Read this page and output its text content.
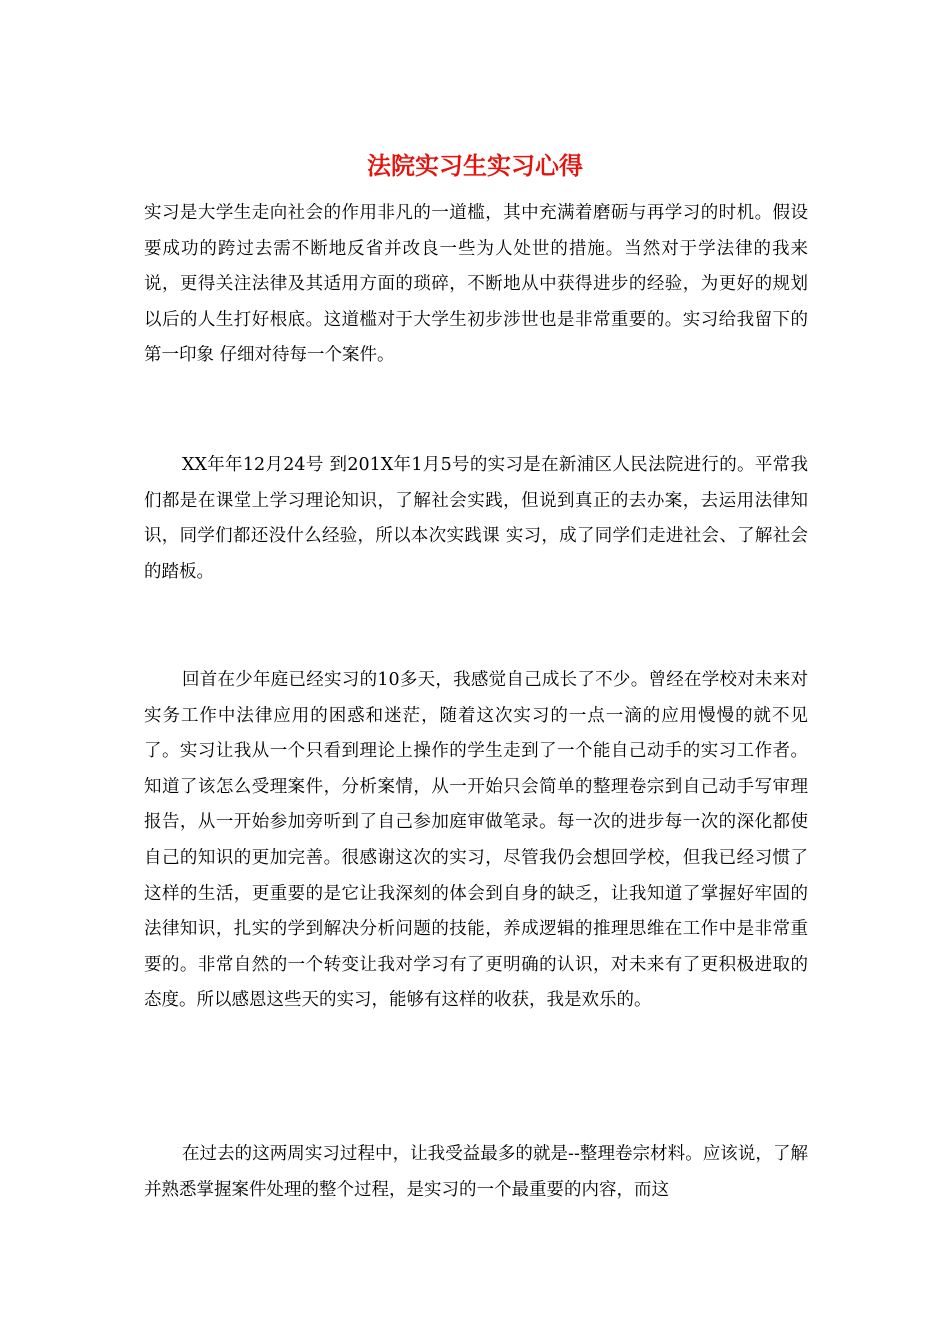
法院实习生实习心得

实习是大学生走向社会的作用非凡的一道槛，其中充满着磨砺与再学习的时机。假设要成功的跨过去需不断地反省并改良一些为人处世的措施。当然对于学法律的我来说，更得关注法律及其适用方面的琐碎，不断地从中获得进步的经验，为更好的规划以后的人生打好根底。这道槛对于大学生初步涉世也是非常重要的。实习给我留下的第一印象 仔细对待每一个案件。

XX年年12月24号 到201X年1月5号的实习是在新浦区人民法院进行的。平常我们都是在课堂上学习理论知识，了解社会实践，但说到真正的去办案，去运用法律知识，同学们都还没什么经验，所以本次实践课 实习，成了同学们走进社会、了解社会的踏板。

回首在少年庭已经实习的10多天，我感觉自己成长了不少。曾经在学校对未来对实务工作中法律应用的困惑和迷茫，随着这次实习的一点一滴的应用慢慢的就不见了。实习让我从一个只看到理论上操作的学生走到了一个能自己动手的实习工作者。知道了该怎么受理案件，分析案情，从一开始只会简单的整理卷宗到自己动手写审理报告，从一开始参加旁听到了自己参加庭审做笔录。每一次的进步每一次的深化都使自己的知识的更加完善。很感谢这次的实习，尽管我仍会想回学校，但我已经习惯了这样的生活，更重要的是它让我深刻的体会到自身的缺乏，让我知道了掌握好牢固的法律知识，扎实的学到解决分析问题的技能，养成逻辑的推理思维在工作中是非常重要的。非常自然的一个转变让我对学习有了更明确的认识，对未来有了更积极进取的态度。所以感恩这些天的实习，能够有这样的收获，我是欢乐的。

在过去的这两周实习过程中，让我受益最多的就是--整理卷宗材料。应该说，了解并熟悉掌握案件处理的整个过程，是实习的一个最重要的内容，而这
